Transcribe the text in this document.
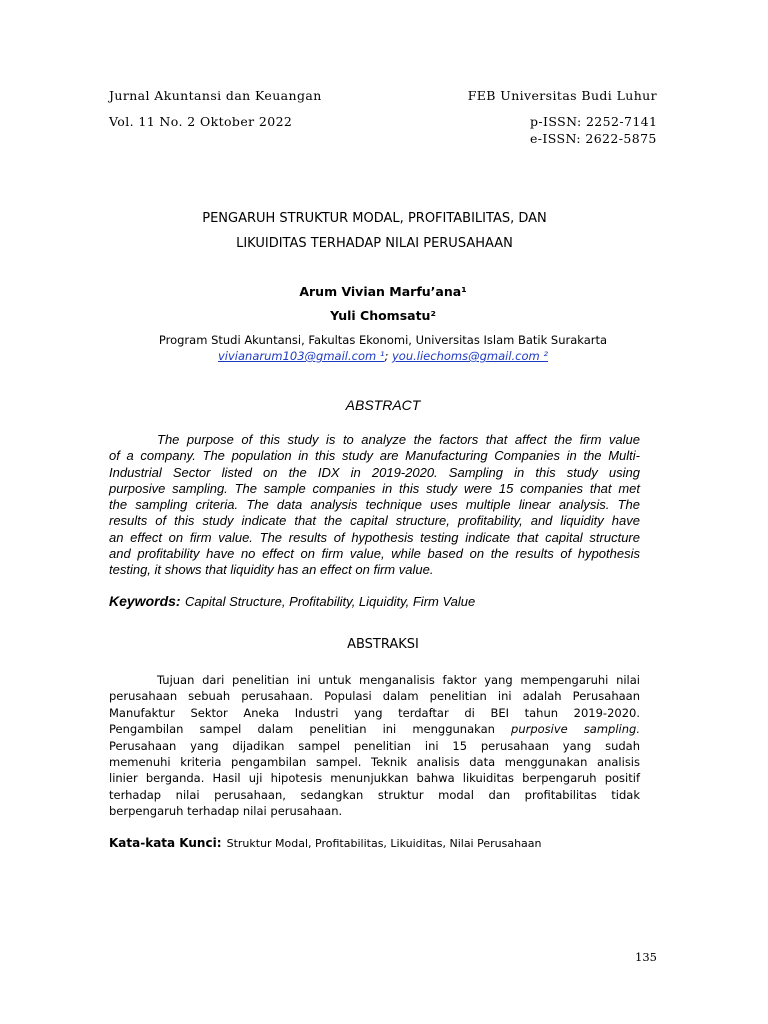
Jurnal Akuntansi dan Keuangan	FEB Universitas Budi Luhur
Vol. 11 No. 2 Oktober 2022	p-ISSN: 2252-7141
e-ISSN: 2622-5875
PENGARUH STRUKTUR MODAL, PROFITABILITAS, DAN
LIKUIDITAS TERHADAP NILAI PERUSAHAAN
Arum Vivian Marfu’ana¹
Yuli Chomsatu²
Program Studi Akuntansi, Fakultas Ekonomi, Universitas Islam Batik Surakarta
vivianarum103@gmail.com ¹; you.liechoms@gmail.com ²
ABSTRACT
The purpose of this study is to analyze the factors that affect the firm value
of a company. The population in this study are Manufacturing Companies in the Multi-
Industrial Sector listed on the IDX in 2019-2020. Sampling in this study using
purposive sampling. The sample companies in this study were 15 companies that met
the sampling criteria. The data analysis technique uses multiple linear analysis. The
results of this study indicate that the capital structure, profitability, and liquidity have
an effect on firm value. The results of hypothesis testing indicate that capital structure
and profitability have no effect on firm value, while based on the results of hypothesis
testing, it shows that liquidity has an effect on firm value.
Keywords: Capital Structure, Profitability, Liquidity, Firm Value
ABSTRAKSI
Tujuan dari penelitian ini untuk menganalisis faktor yang mempengaruhi nilai
perusahaan sebuah perusahaan. Populasi dalam penelitian ini adalah Perusahaan
Manufaktur Sektor Aneka Industri yang terdaftar di BEI tahun 2019-2020.
Pengambilan sampel dalam penelitian ini menggunakan purposive sampling.
Perusahaan yang dijadikan sampel penelitian ini 15 perusahaan yang sudah
memenuhi kriteria pengambilan sampel. Teknik analisis data menggunakan analisis
linier berganda. Hasil uji hipotesis menunjukkan bahwa likuiditas berpengaruh positif
terhadap nilai perusahaan, sedangkan struktur modal dan profitabilitas tidak
berpengaruh terhadap nilai perusahaan.
Kata-kata Kunci: Struktur Modal, Profitabilitas, Likuiditas, Nilai Perusahaan
135
